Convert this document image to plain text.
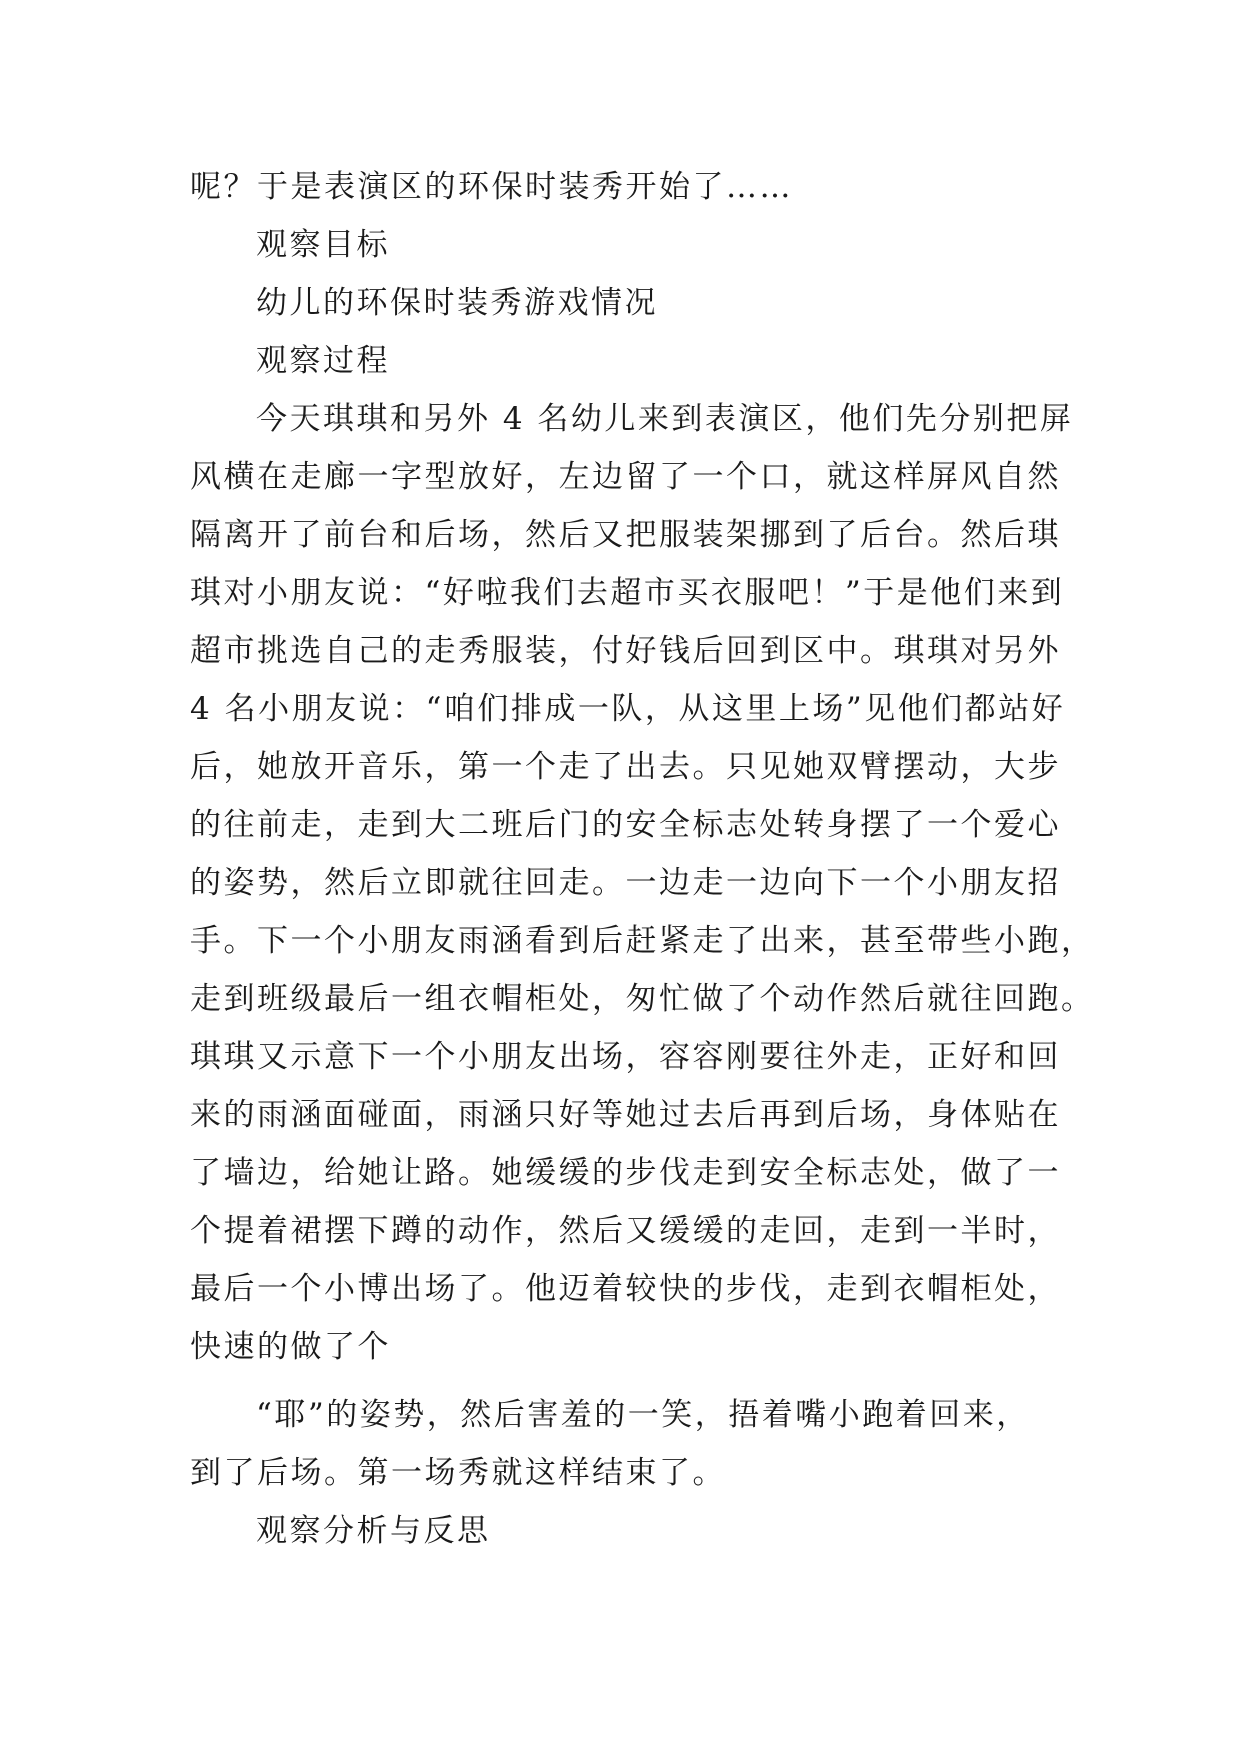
呢？于是表演区的环保时装秀开始了……
观察目标
幼儿的环保时装秀游戏情况
观察过程
今天琪琪和另外 4 名幼儿来到表演区，他们先分别把屏
风横在走廊一字型放好，左边留了一个口，就这样屏风自然
隔离开了前台和后场，然后又把服装架挪到了后台。然后琪
琪对小朋友说：“好啦我们去超市买衣服吧！”于是他们来到
超市挑选自己的走秀服装，付好钱后回到区中。琪琪对另外
4 名小朋友说：“咱们排成一队，从这里上场”见他们都站好
后，她放开音乐，第一个走了出去。只见她双臂摆动，大步
的往前走，走到大二班后门的安全标志处转身摆了一个爱心
的姿势，然后立即就往回走。一边走一边向下一个小朋友招
手。下一个小朋友雨涵看到后赶紧走了出来，甚至带些小跑，
走到班级最后一组衣帽柜处，匆忙做了个动作然后就往回跑。
琪琪又示意下一个小朋友出场，容容刚要往外走，正好和回
来的雨涵面碰面，雨涵只好等她过去后再到后场，身体贴在
了墙边，给她让路。她缓缓的步伐走到安全标志处，做了一
个提着裙摆下蹲的动作，然后又缓缓的走回，走到一半时，
最后一个小博出场了。他迈着较快的步伐，走到衣帽柜处，
快速的做了个
“耶”的姿势，然后害羞的一笑，捂着嘴小跑着回来，
到了后场。第一场秀就这样结束了。
观察分析与反思
